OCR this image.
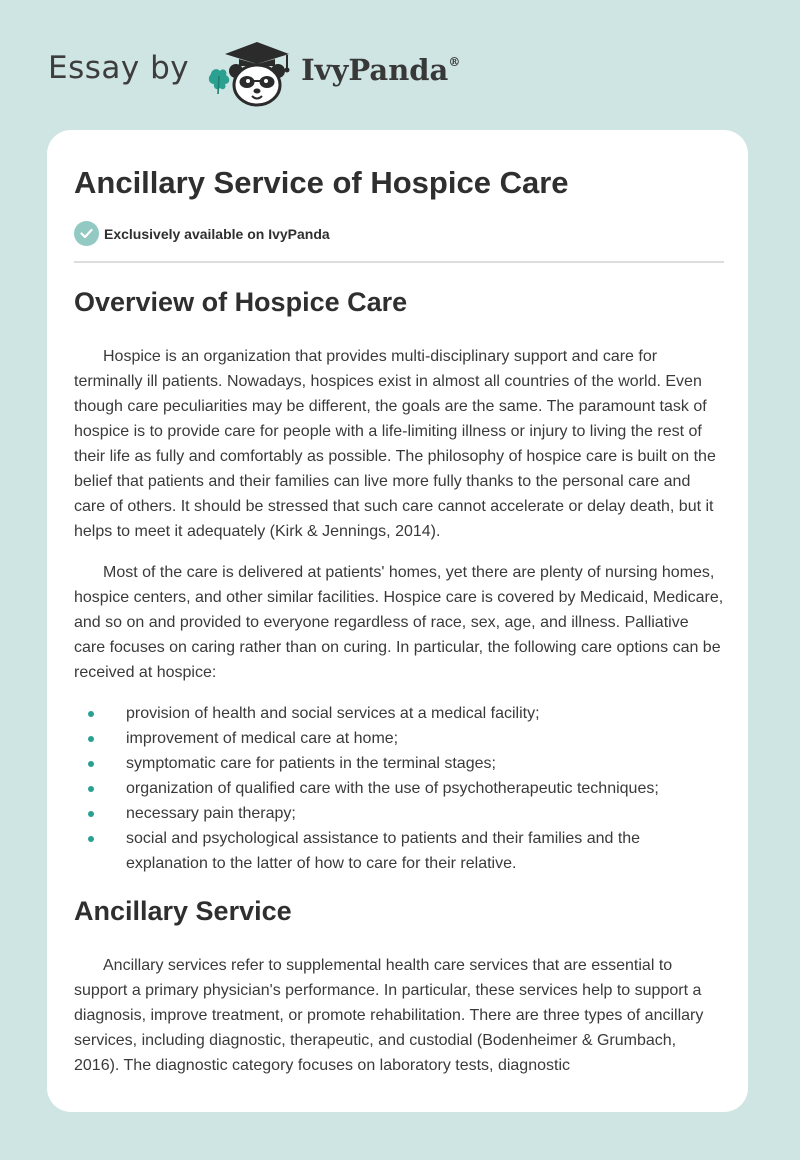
Essay by	IvyPanda®
Ancillary Service of Hospice Care
Exclusively available on IvyPanda
Overview of Hospice Care

Hospice is an organization that provides multi-disciplinary support and care for terminally ill patients. Nowadays, hospices exist in almost all countries of the world. Even though care peculiarities may be different, the goals are the same. The paramount task of hospice is to provide care for people with a life-limiting illness or injury to living the rest of their life as fully and comfortably as possible. The philosophy of hospice care is built on the belief that patients and their families can live more fully thanks to the personal care and care of others. It should be stressed that such care cannot accelerate or delay death, but it helps to meet it adequately (Kirk & Jennings, 2014).

Most of the care is delivered at patients' homes, yet there are plenty of nursing homes, hospice centers, and other similar facilities. Hospice care is covered by Medicaid, Medicare, and so on and provided to everyone regardless of race, sex, age, and illness. Palliative care focuses on caring rather than on curing. In particular, the following care options can be received at hospice:

provision of health and social services at a medical facility;
improvement of medical care at home;
symptomatic care for patients in the terminal stages;
organization of qualified care with the use of psychotherapeutic techniques;
necessary pain therapy;
social and psychological assistance to patients and their families and the explanation to the latter of how to care for their relative.
Ancillary Service

Ancillary services refer to supplemental health care services that are essential to support a primary physician's performance. In particular, these services help to support a diagnosis, improve treatment, or promote rehabilitation. There are three types of ancillary services, including diagnostic, therapeutic, and custodial (Bodenheimer & Grumbach, 2016). The diagnostic category focuses on laboratory tests, diagnostic
